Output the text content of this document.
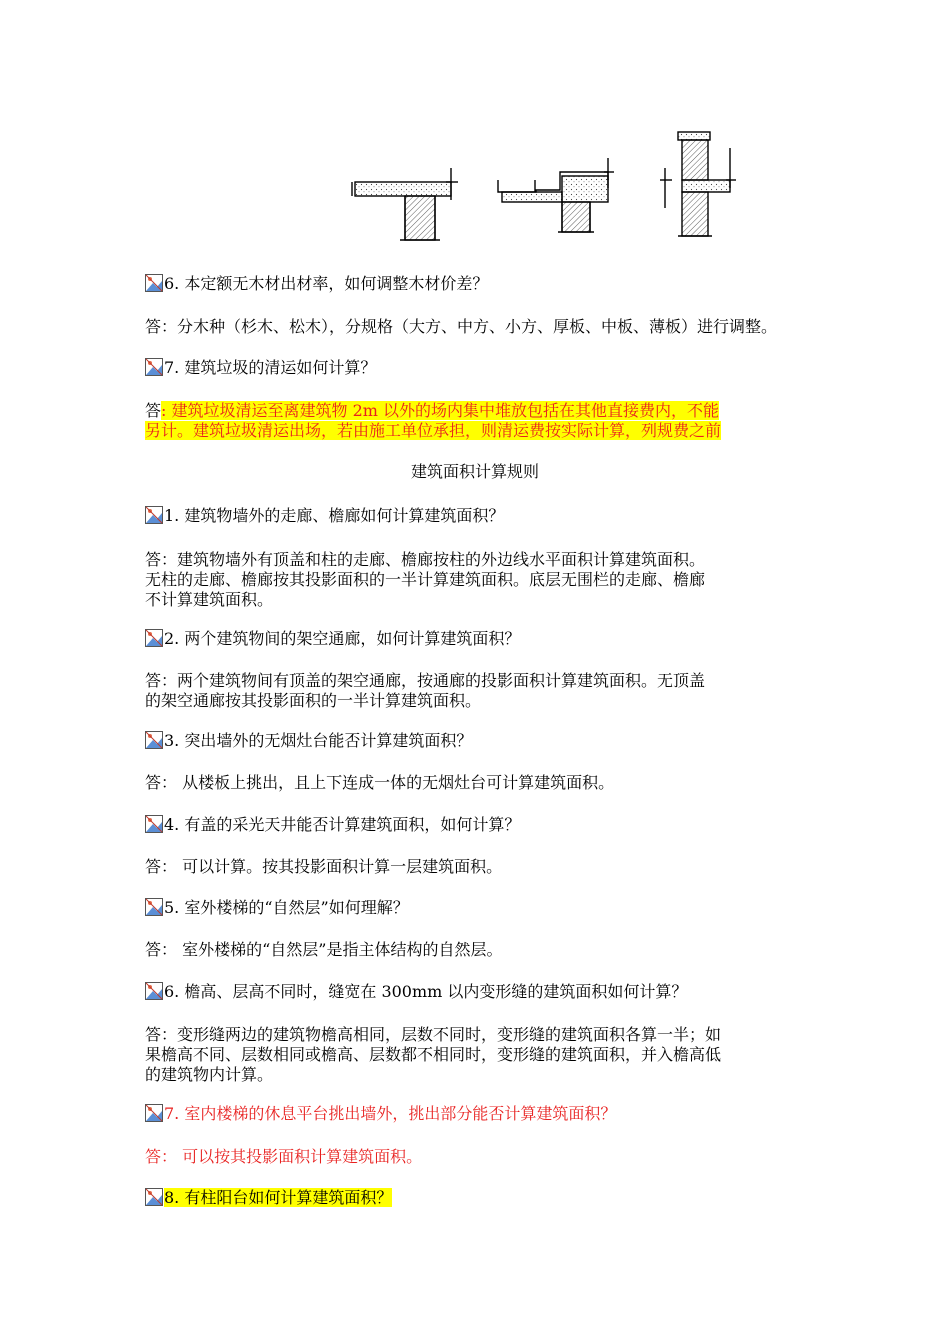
6. 本定额无木材出材率，如何调整木材价差？
答：分木种（杉木、松木），分规格（大方、中方、小方、厚板、中板、薄板）进行调整。
7. 建筑垃圾的清运如何计算？
答: 建筑垃圾清运至离建筑物 2m 以外的场内集中堆放包括在其他直接费内，不能
另计。建筑垃圾清运出场，若由施工单位承担，则清运费按实际计算，列规费之前
建筑面积计算规则
1. 建筑物墙外的走廊、檐廊如何计算建筑面积？
答：建筑物墙外有顶盖和柱的走廊、檐廊按柱的外边线水平面积计算建筑面积。
无柱的走廊、檐廊按其投影面积的一半计算建筑面积。底层无围栏的走廊、檐廊
不计算建筑面积。
2. 两个建筑物间的架空通廊，如何计算建筑面积？
答：两个建筑物间有顶盖的架空通廊，按通廊的投影面积计算建筑面积。无顶盖
的架空通廊按其投影面积的一半计算建筑面积。
3. 突出墙外的无烟灶台能否计算建筑面积？
答： 从楼板上挑出，且上下连成一体的无烟灶台可计算建筑面积。
4. 有盖的采光天井能否计算建筑面积，如何计算？
答： 可以计算。按其投影面积计算一层建筑面积。
5. 室外楼梯的“自然层”如何理解？
答： 室外楼梯的“自然层”是指主体结构的自然层。
6. 檐高、层高不同时，缝宽在 300mm 以内变形缝的建筑面积如何计算？
答：变形缝两边的建筑物檐高相同，层数不同时，变形缝的建筑面积各算一半；如
果檐高不同、层数相同或檐高、层数都不相同时，变形缝的建筑面积，并入檐高低
的建筑物内计算。
7. 室内楼梯的休息平台挑出墙外，挑出部分能否计算建筑面积？
答： 可以按其投影面积计算建筑面积。
8. 有柱阳台如何计算建筑面积？
